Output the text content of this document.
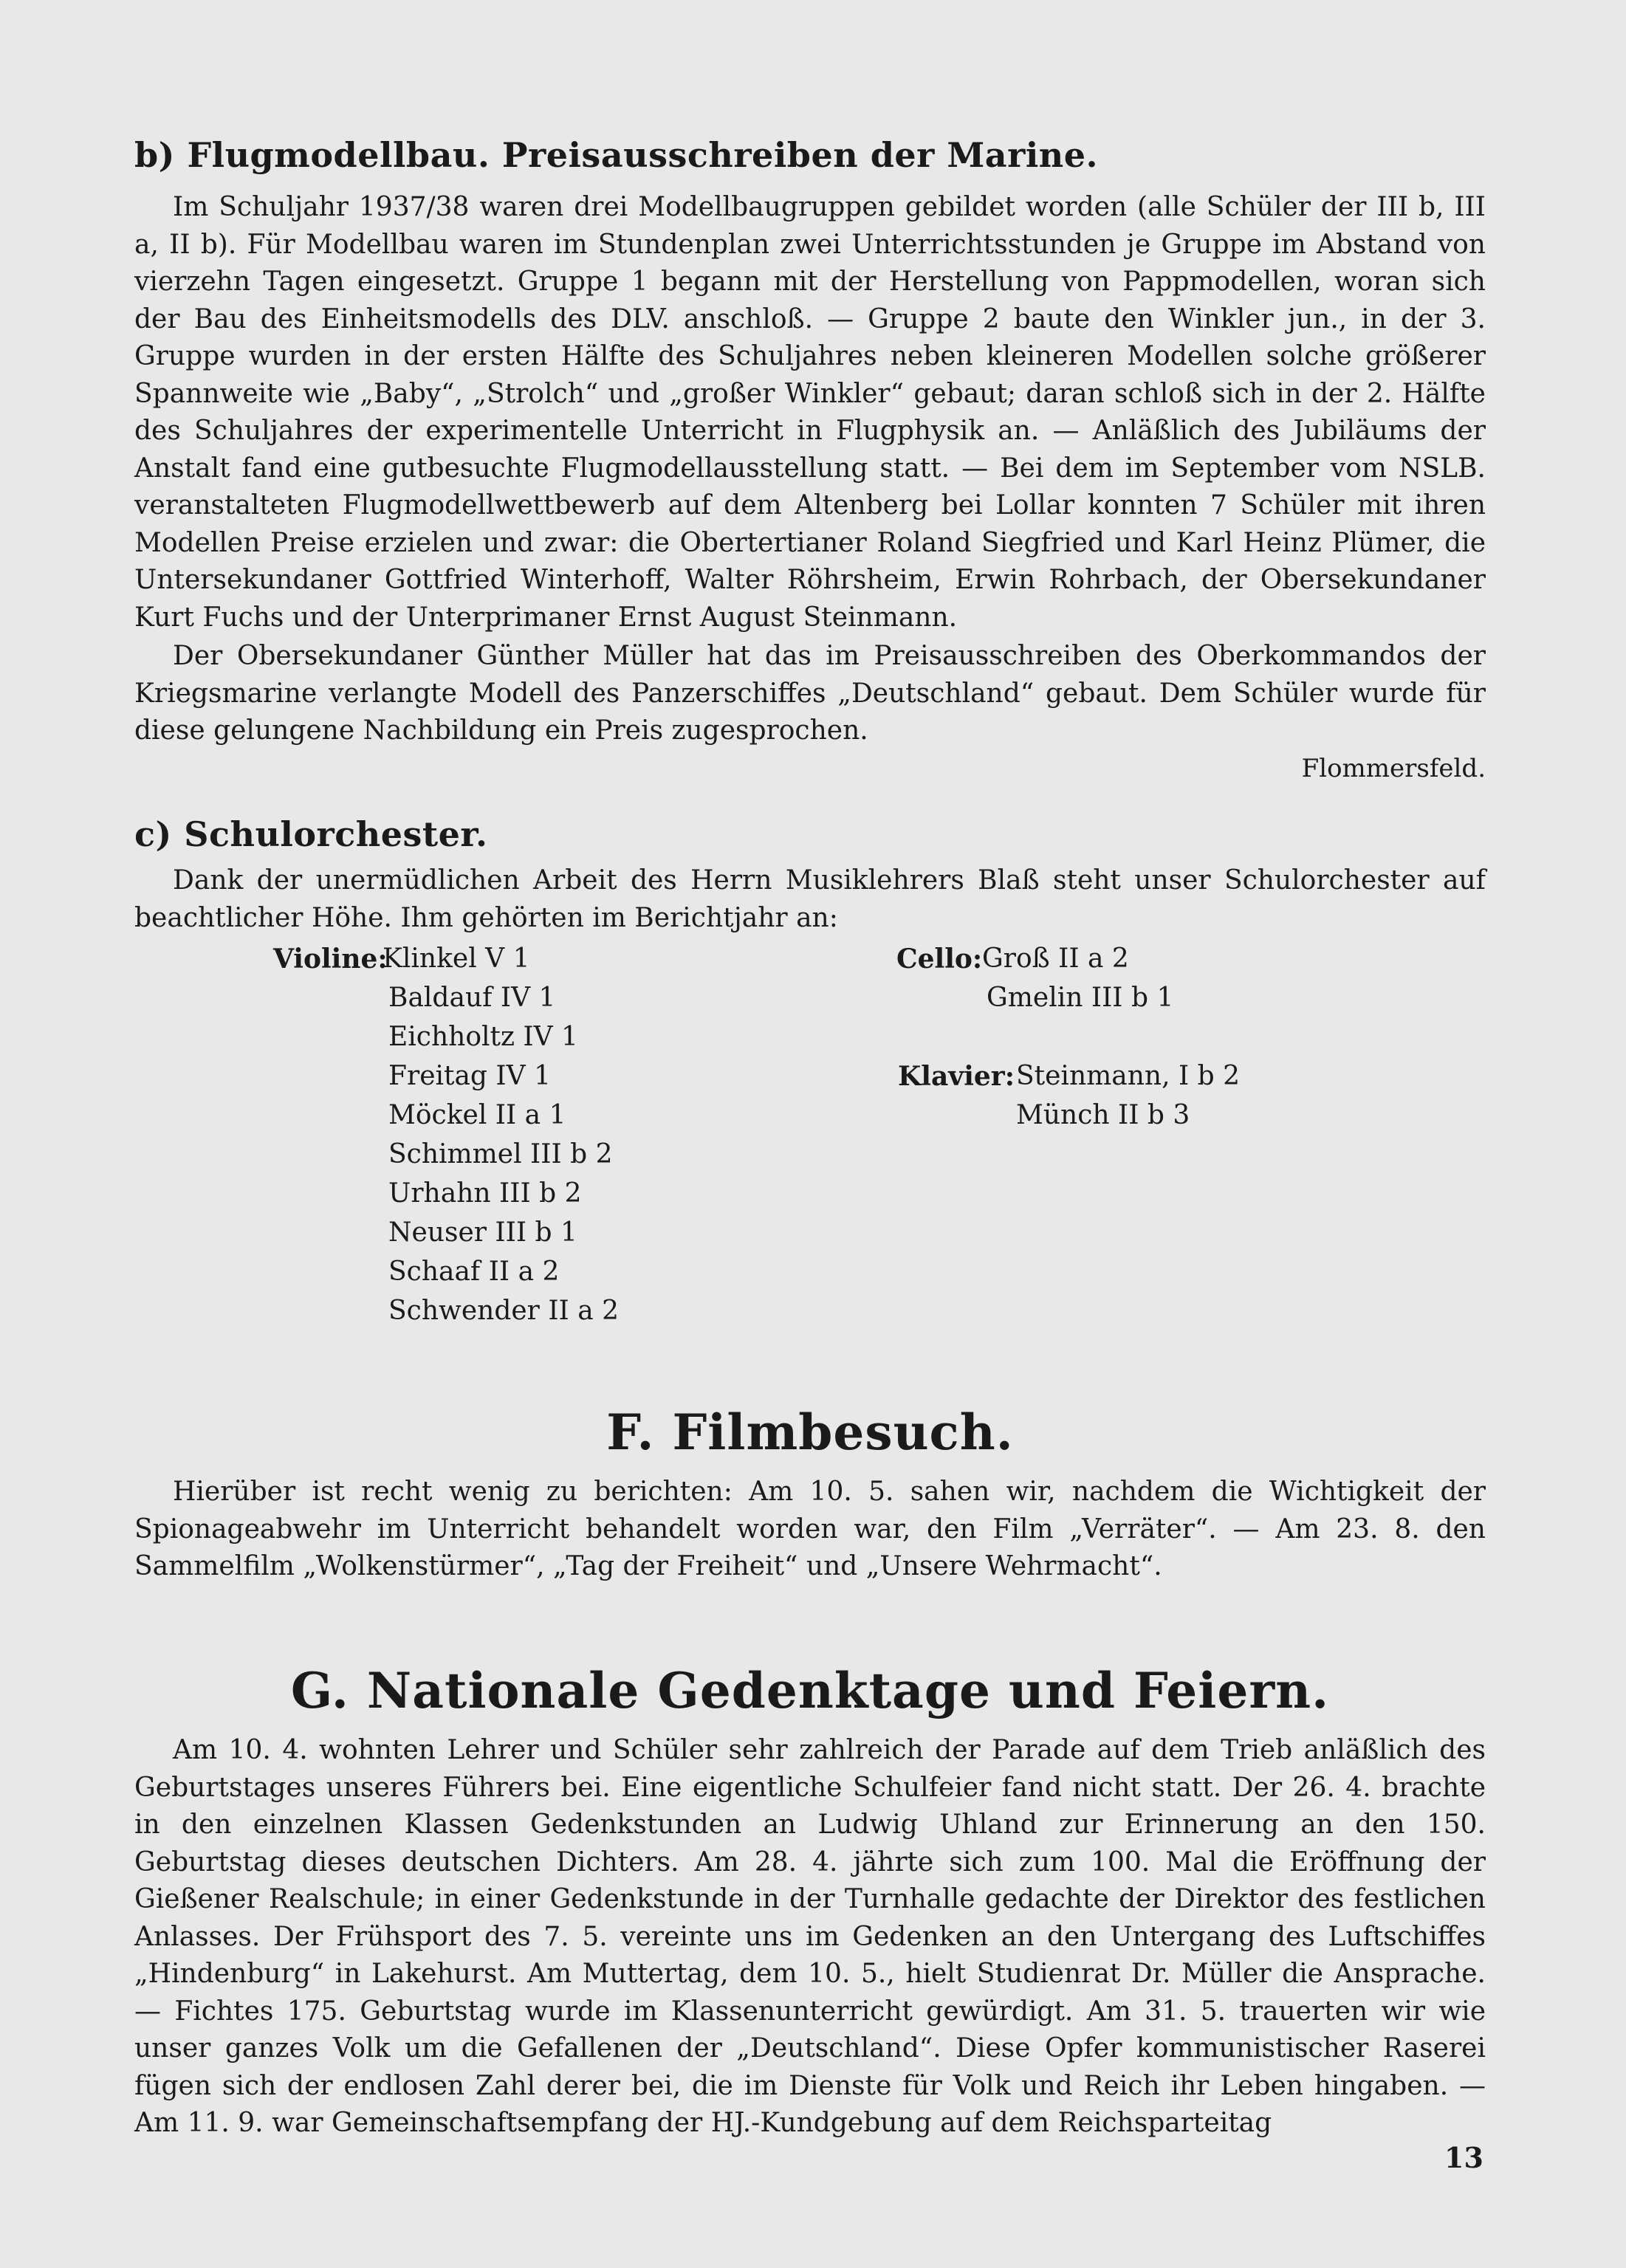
b) Flugmodellbau. Preisausschreiben der Marine.

Im Schuljahr 1937/38 waren drei Modellbaugruppen gebildet worden (alle Schüler der III b, III a, II b). Für Modellbau waren im Stundenplan zwei Unterrichtsstunden je Gruppe im Abstand von vierzehn Tagen eingesetzt. Gruppe 1 begann mit der Herstellung von Pappmodellen, woran sich der Bau des Einheitsmodells des DLV. anschloß. — Gruppe 2 baute den Winkler jun., in der 3. Gruppe wurden in der ersten Hälfte des Schuljahres neben kleineren Modellen solche größerer Spannweite wie „Baby“, „Strolch“ und „großer Winkler“ gebaut; daran schloß sich in der 2. Hälfte des Schuljahres der experimentelle Unterricht in Flugphysik an. — Anläßlich des Jubiläums der Anstalt fand eine gutbesuchte Flugmodellausstellung statt. — Bei dem im September vom NSLB. veranstalteten Flugmodellwettbewerb auf dem Altenberg bei Lollar konnten 7 Schüler mit ihren Modellen Preise erzielen und zwar: die Obertertianer Roland Siegfried und Karl Heinz Plümer, die Untersekundaner Gottfried Winterhoff, Walter Röhrsheim, Erwin Rohrbach, der Obersekundaner Kurt Fuchs und der Unterprimaner Ernst August Steinmann.

Der Obersekundaner Günther Müller hat das im Preisausschreiben des Oberkommandos der Kriegsmarine verlangte Modell des Panzerschiffes „Deutschland“ gebaut. Dem Schüler wurde für diese gelungene Nachbildung ein Preis zugesprochen.

Flommersfeld.

c) Schulorchester.

Dank der unermüdlichen Arbeit des Herrn Musiklehrers Blaß steht unser Schulorchester auf beachtlicher Höhe. Ihm gehörten im Berichtjahr an:

Violine:
Klinkel V 1
Baldauf IV 1
Eichholtz IV 1
Freitag IV 1
Möckel II a 1
Schimmel III b 2
Urhahn III b 2
Neuser III b 1
Schaaf II a 2
Schwender II a 2
Cello: Groß II a 2
Gmelin III b 1
Klavier: Steinmann, I b 2
Münch II b 3
F. Filmbesuch.

Hierüber ist recht wenig zu berichten: Am 10. 5. sahen wir, nachdem die Wichtigkeit der Spionageabwehr im Unterricht behandelt worden war, den Film „Verräter“. — Am 23. 8. den Sammelfilm „Wolkenstürmer“, „Tag der Freiheit“ und „Unsere Wehrmacht“.

G. Nationale Gedenktage und Feiern.

Am 10. 4. wohnten Lehrer und Schüler sehr zahlreich der Parade auf dem Trieb anläßlich des Geburtstages unseres Führers bei. Eine eigentliche Schulfeier fand nicht statt. Der 26. 4. brachte in den einzelnen Klassen Gedenkstunden an Ludwig Uhland zur Erinnerung an den 150. Geburtstag dieses deutschen Dichters. Am 28. 4. jährte sich zum 100. Mal die Eröffnung der Gießener Realschule; in einer Gedenkstunde in der Turnhalle gedachte der Direktor des festlichen Anlasses. Der Frühsport des 7. 5. vereinte uns im Gedenken an den Untergang des Luftschiffes „Hindenburg“ in Lakehurst. Am Muttertag, dem 10. 5., hielt Studienrat Dr. Müller die Ansprache. — Fichtes 175. Geburtstag wurde im Klassenunterricht gewürdigt. Am 31. 5. trauerten wir wie unser ganzes Volk um die Gefallenen der „Deutschland“. Diese Opfer kommunistischer Raserei fügen sich der endlosen Zahl derer bei, die im Dienste für Volk und Reich ihr Leben hingaben. — Am 11. 9. war Gemeinschaftsempfang der HJ.-Kundgebung auf dem Reichsparteitag

13
